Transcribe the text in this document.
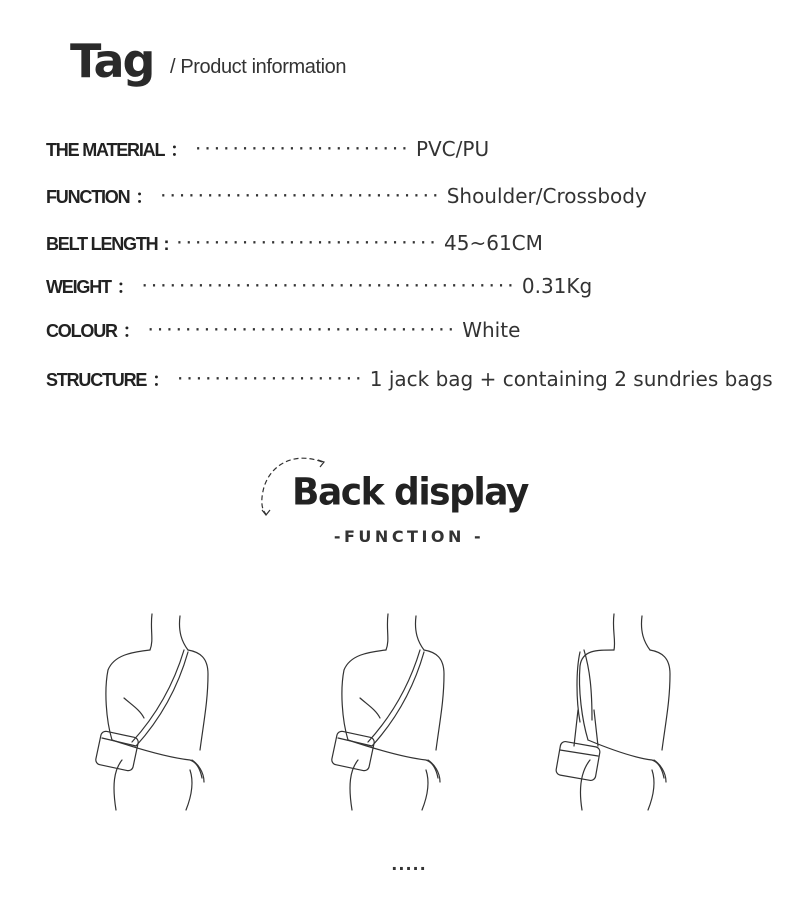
Tag / Product information
THE MATERIAL ： ······················· PVC/PU
FUNCTION ： ······························ Shoulder/Crossbody
BELT LENGTH : ···························· 45~61CM
WEIGHT ： ········································ 0.31Kg
COLOUR ： ································· White
STRUCTURE ： ···················· 1 jack bag + containing 2 sundries bags
Back display
-FUNCTION -
.....
